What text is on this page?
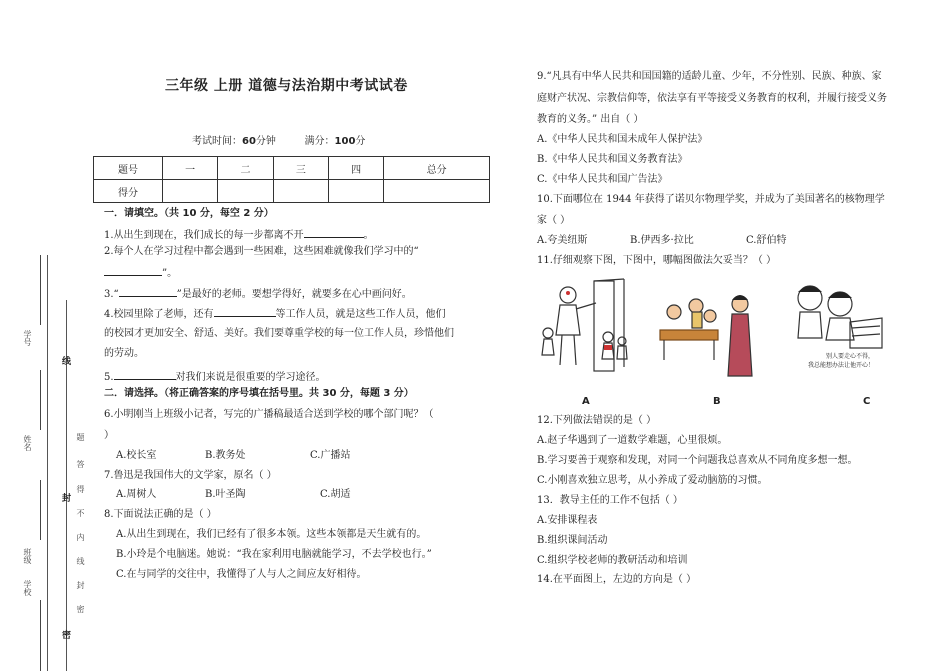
学号
姓名
班级
学校
线
封
密
题
答
得
不
内
线
封
密
三年级 上册 道德与法治期中考试试卷
考试时间：60分钟	满分：100分
题号	一	二	三	四	总分
得分					
一．请填空。（共 10 分，每空 2 分）
1.从出生到现在，我们成长的每一步都离不开	。
2.每个人在学习过程中都会遇到一些困难，这些困难就像我们学习中的“
”。
3.“	”是最好的老师。要想学得好，就要多在心中画问好。
4.校园里除了老师，还有	等工作人员，就是这些工作人员，他们
的校园才更加安全、舒适、美好。我们要尊重学校的每一位工作人员，珍惜他们
的劳动。
5.	对我们来说是很重要的学习途径。
二．请选择。（将正确答案的序号填在括号里。共 30 分，每题 3 分）
6.小明刚当上班级小记者，写完的广播稿最适合送到学校的哪个部门呢？（
）
A.校长室	B.教务处	C.广播站
7.鲁迅是我国伟大的文学家，原名（ ）
A.周树人	B.叶圣陶	C.胡适
8.下面说法正确的是（ ）
A.从出生到现在，我们已经有了很多本领。这些本领都是天生就有的。
B.小玲是个电脑迷。她说：“我在家利用电脑就能学习，不去学校也行。”
C.在与同学的交往中，我懂得了人与人之间应友好相待。
9.“凡具有中华人民共和国国籍的适龄儿童、少年，不分性别、民族、种族、家
庭财产状况、宗教信仰等，依法享有平等接受义务教育的权利，并履行接受义务
教育的义务。” 出自（ ）
A.《中华人民共和国未成年人保护法》
B.《中华人民共和国义务教育法》
C.《中华人民共和国广告法》
10.下面哪位在 1944 年获得了诺贝尔物理学奖，并成为了美国著名的核物理学
家（ ）
A.夸美纽斯	B.伊西多·拉比	C.舒伯特
11.仔细观察下图，下图中，哪幅图做法欠妥当？（ ）
别人要走心不得，
我总能想办法让他开心！
A	B	C
12.下列做法错误的是（ ）
A.赵子华遇到了一道数学难题，心里很烦。
B.学习要善于观察和发现，对同一个问题我总喜欢从不同角度多想一想。
C.小刚喜欢独立思考，从小养成了爱动脑筋的习惯。
13．教导主任的工作不包括（ ）
A.安排课程表
B.组织课间活动
C.组织学校老师的教研活动和培训
14.在平面图上，左边的方向是（ ）
